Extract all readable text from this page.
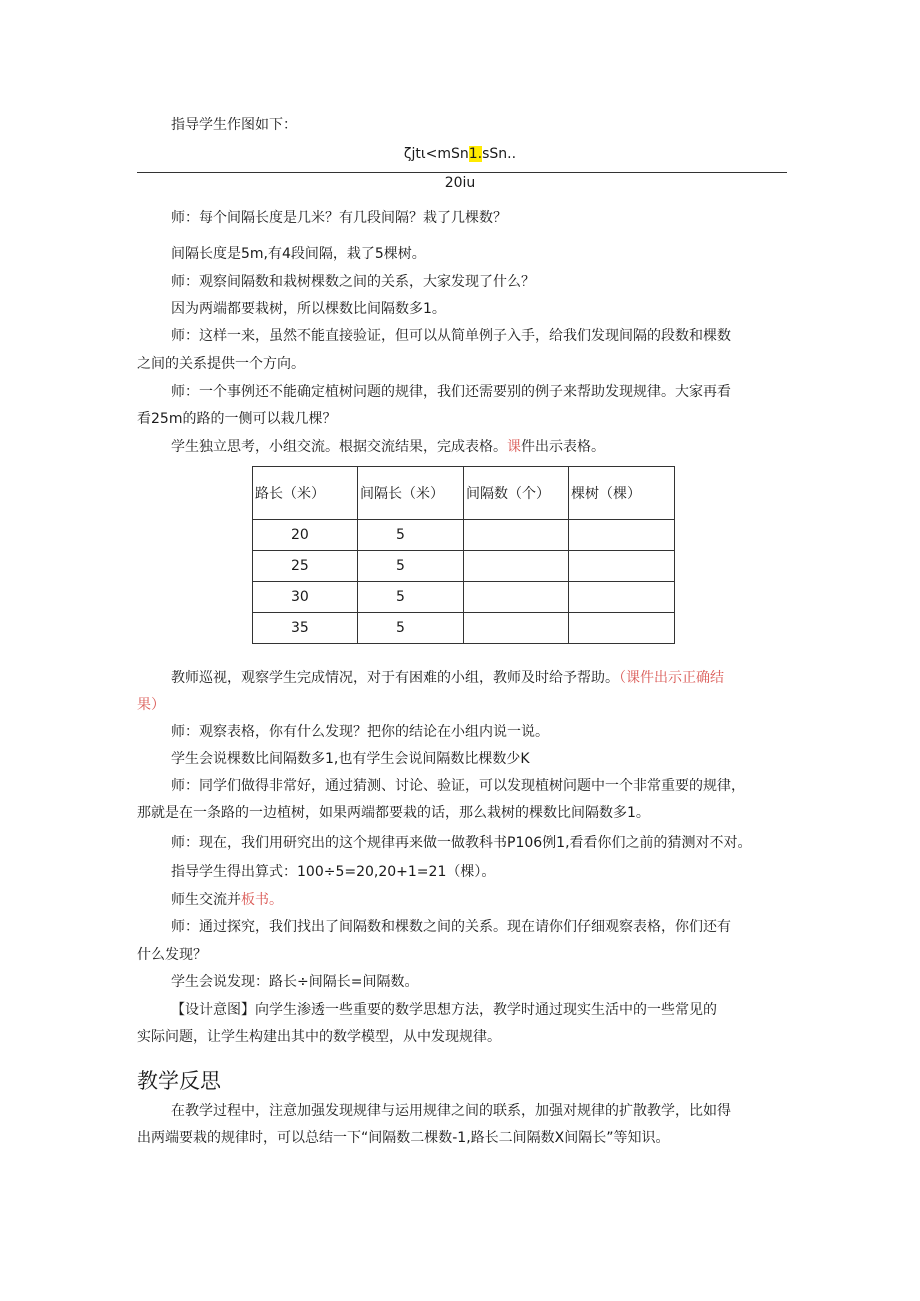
指导学生作图如下：
ζjtι<mSn1.sSn..
20iu
师：每个间隔长度是几米？有几段间隔？栽了几棵数？
间隔长度是5m,有4段间隔，栽了5棵树。
师：观察间隔数和栽树棵数之间的关系，大家发现了什么？
因为两端都要栽树，所以棵数比间隔数多1。
师：这样一来，虽然不能直接验证，但可以从简单例子入手，给我们发现间隔的段数和棵数
之间的关系提供一个方向。
师：一个事例还不能确定植树问题的规律，我们还需要别的例子来帮助发现规律。大家再看
看25m的路的一侧可以栽几棵？
学生独立思考，小组交流。根据交流结果，完成表格。课件出示表格。
路长（米）	间隔长（米）	间隔数（个）	棵树（棵）
20	5		
25	5		
30	5		
35	5		
教师巡视，观察学生完成情况，对于有困难的小组，教师及时给予帮助。（课件出示正确结
果）
师：观察表格，你有什么发现？把你的结论在小组内说一说。
学生会说棵数比间隔数多1,也有学生会说间隔数比棵数少K
师：同学们做得非常好，通过猜测、讨论、验证，可以发现植树问题中一个非常重要的规律，
那就是在一条路的一边植树，如果两端都要栽的话，那么栽树的棵数比间隔数多1。
师：现在，我们用研究出的这个规律再来做一做教科书P106例1,看看你们之前的猜测对不对。
指导学生得出算式：100÷5=20,20+1=21（棵）。
师生交流并板书。
师：通过探究，我们找出了间隔数和棵数之间的关系。现在请你们仔细观察表格，你们还有
什么发现？
学生会说发现：路长÷间隔长=间隔数。
【设计意图】向学生渗透一些重要的数学思想方法，教学时通过现实生活中的一些常见的
实际问题，让学生构建出其中的数学模型，从中发现规律。
教学反思
在教学过程中，注意加强发现规律与运用规律之间的联系，加强对规律的扩散教学，比如得
出两端要栽的规律时，可以总结一下“间隔数二棵数-1,路长二间隔数X间隔长”等知识。
